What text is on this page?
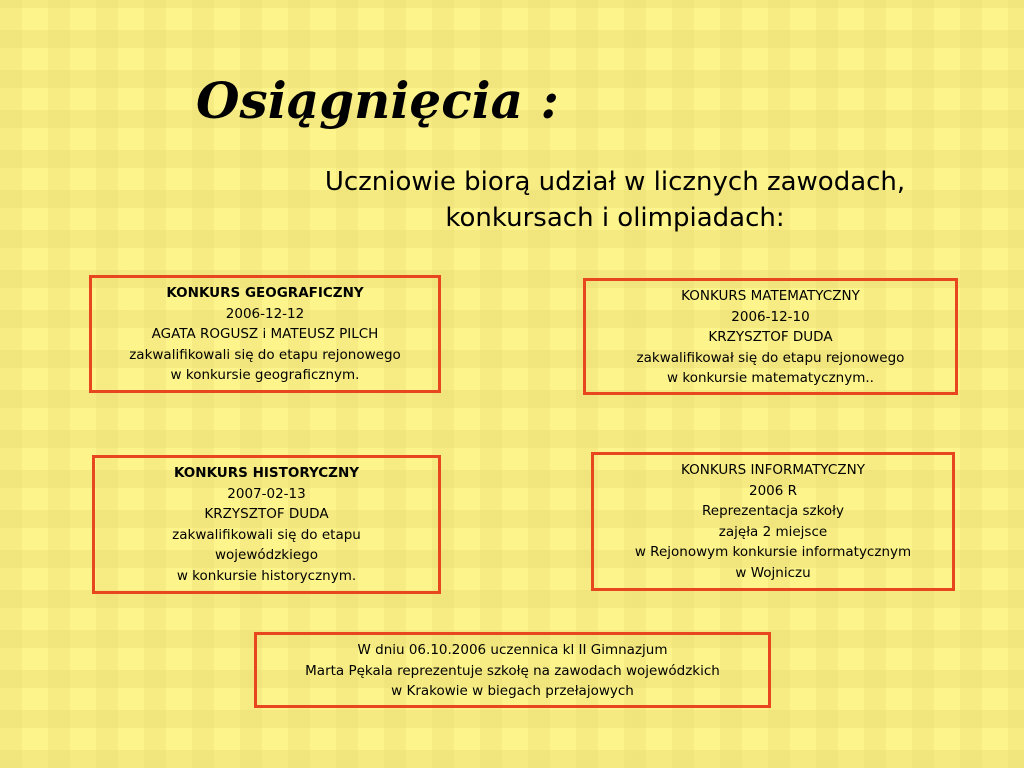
Osiągnięcia :
Uczniowie biorą udział w licznych zawodach,
konkursach i olimpiadach:
KONKURS GEOGRAFICZNY
2006-12-12
AGATA ROGUSZ i MATEUSZ PILCH
zakwalifikowali się do etapu rejonowego
w konkursie geograficznym.
KONKURS MATEMATYCZNY
2006-12-10
KRZYSZTOF DUDA
zakwalifikował się do etapu rejonowego
w konkursie matematycznym..
KONKURS HISTORYCZNY
2007-02-13
KRZYSZTOF DUDA
zakwalifikowali się do etapu
wojewódzkiego
w konkursie historycznym.
KONKURS INFORMATYCZNY
2006 R
Reprezentacja szkoły
zajęła 2 miejsce
w Rejonowym konkursie informatycznym
w Wojniczu
W dniu 06.10.2006 uczennica kl II Gimnazjum
Marta Pękala reprezentuje szkołę na zawodach wojewódzkich
w Krakowie w biegach przełajowych
